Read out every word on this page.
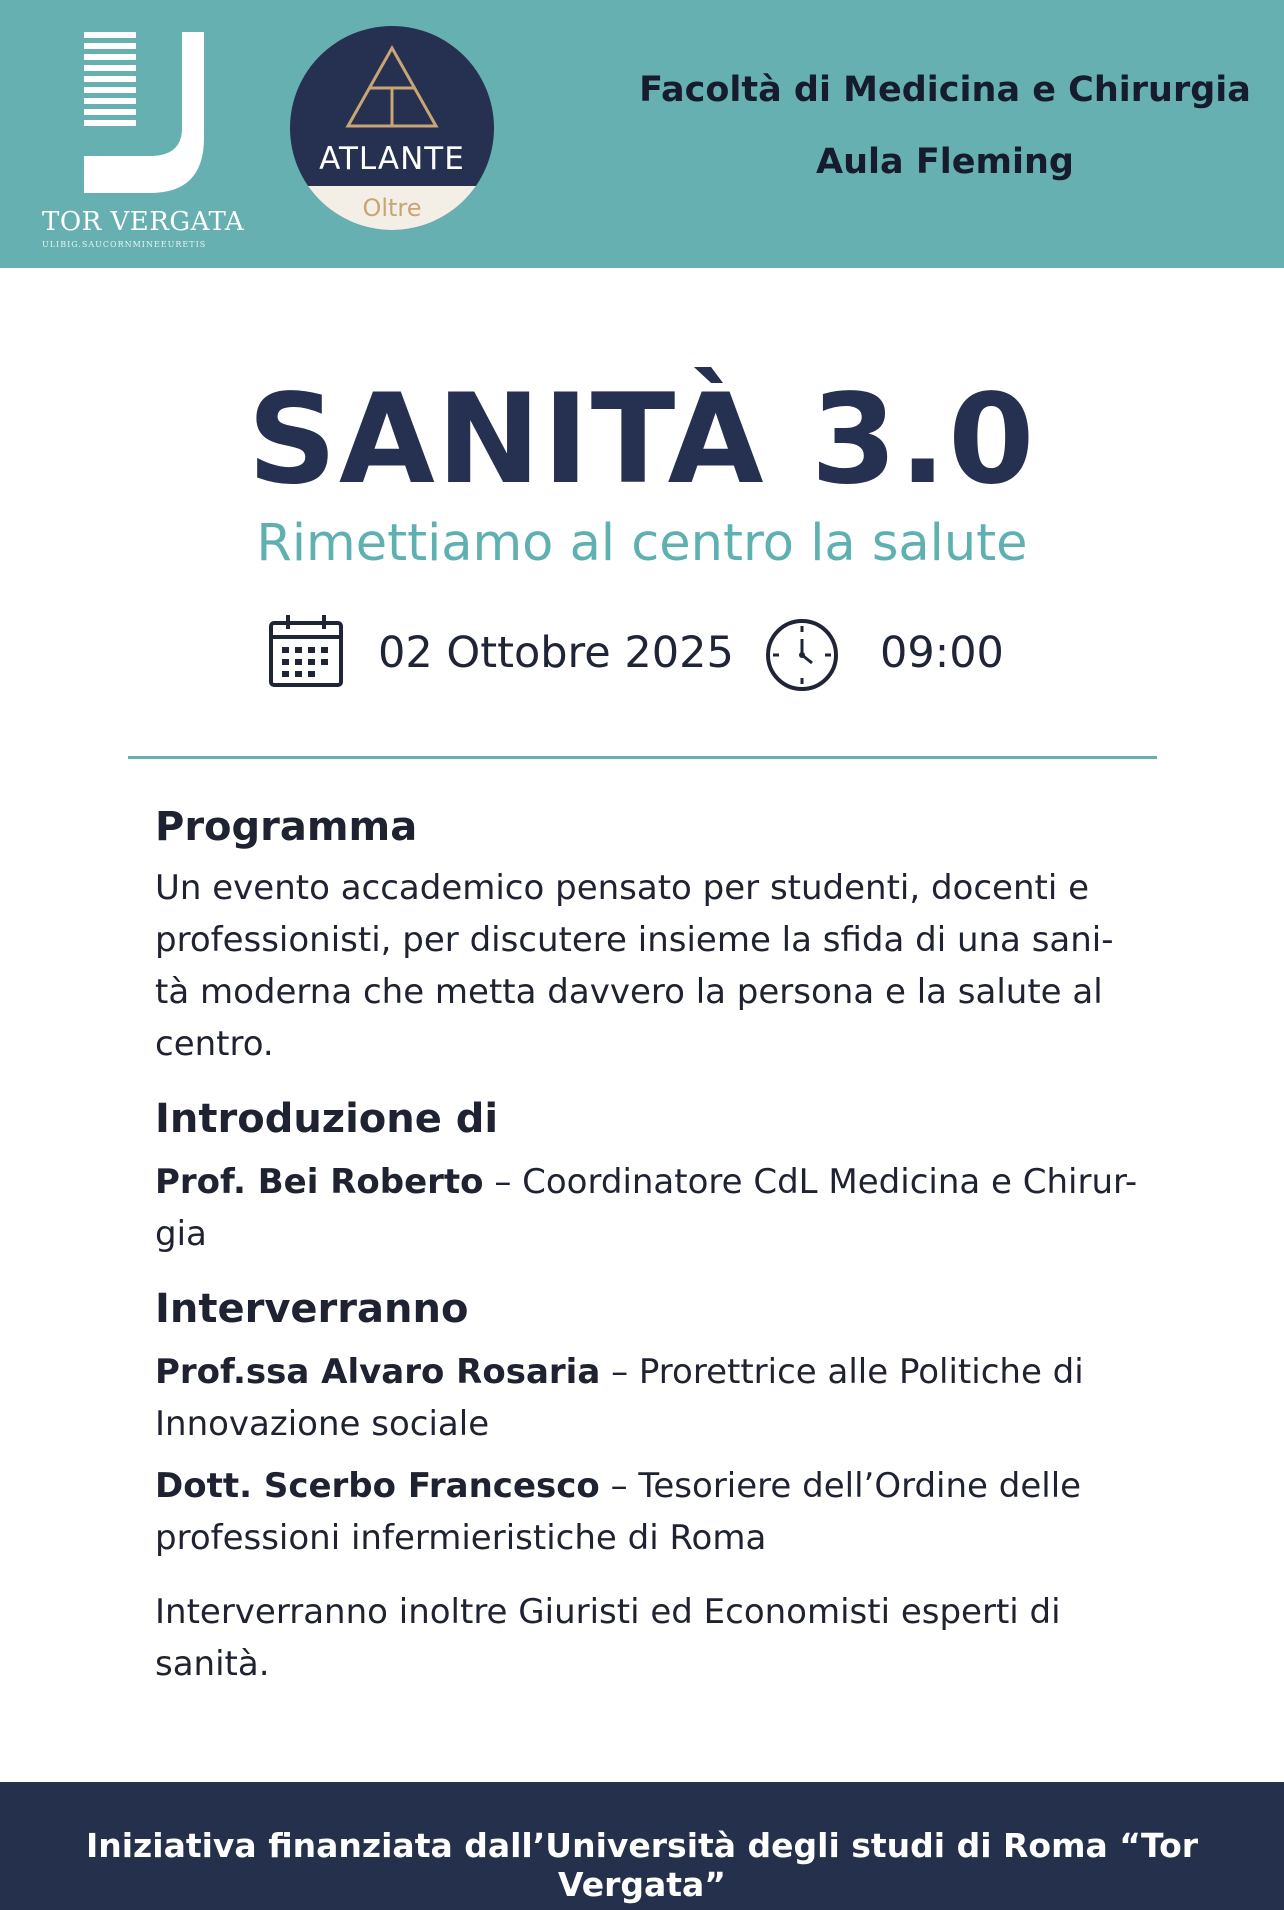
TOR VERGATA
ULIBIG.SAUCORNMINEEURETIS
ATLANTE
Oltre
Facoltà di Medicina e Chirurgia
Aula Fleming
SANITÀ 3.0
Rimettiamo al centro la salute
02 Ottobre 2025	09:00

Programma

Un evento accademico pensato per studenti, docenti e

professionisti, per discutere insieme la sfida di una sani-

tà moderna che metta davvero la persona e la salute al

centro.

Introduzione di

Prof. Bei Roberto – Coordinatore CdL Medicina e Chirur-

gia

Interverranno

Prof.ssa Alvaro Rosaria – Prorettrice alle Politiche di

Innovazione sociale

Dott. Scerbo Francesco – Tesoriere dell’Ordine delle

professioni infermieristiche di Roma

Interverranno inoltre Giuristi ed Economisti esperti di

sanità.

Iniziativa finanziata dall’Università degli studi di Roma “Tor Vergata”
